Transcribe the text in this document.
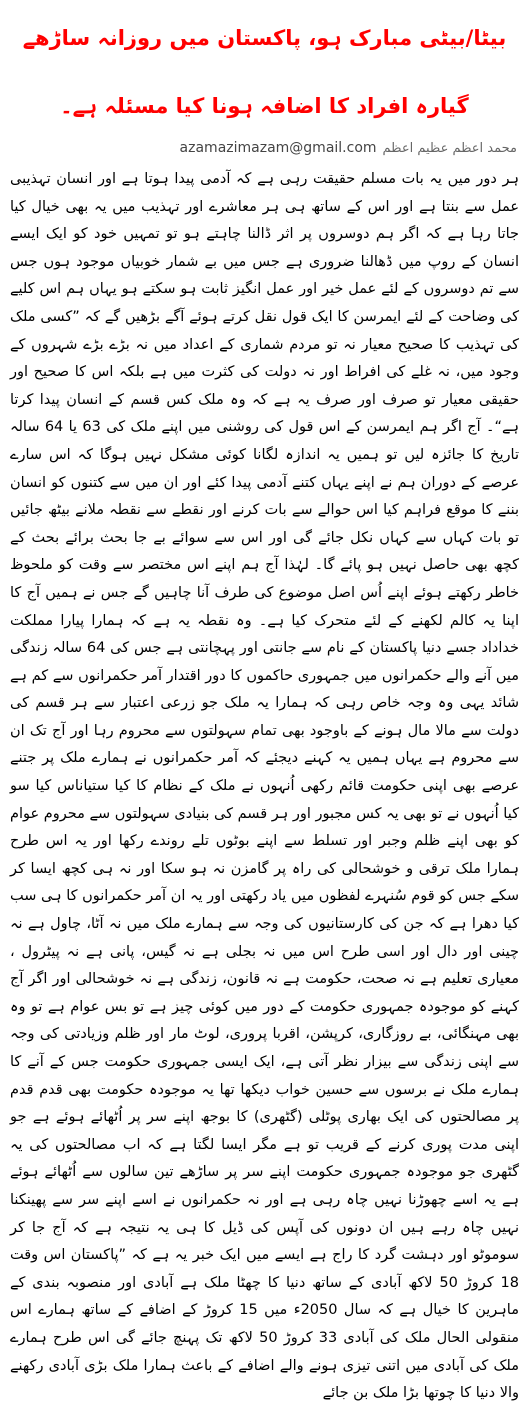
بیٹا/بیٹی مبارک ہو، پاکستان میں روزانہ ساڑھے گیارہ افراد کا اضافہ ہونا کیا مسئلہ ہے۔
azamazimazam@gmail.com محمد اعظم عظیم اعظم

ہر دور میں یہ بات مسلم حقیقت رہی ہے کہ آدمی پیدا ہوتا ہے اور انسان تہذیبی عمل سے بنتا ہے اور اس کے ساتھ ہی ہر معاشرے اور تہذیب میں یہ بھی خیال کیا جاتا رہا ہے کہ اگر ہم دوسروں پر اثر ڈالنا چاہتے ہو تو تمہیں خود کو ایک ایسے انسان کے روپ میں ڈھالنا ضروری ہے جس میں بے شمار خوبیاں موجود ہوں جس سے تم دوسروں کے لئے عمل خیر اور عمل انگیز ثابت ہو سکتے ہو یہاں ہم اس کلیے کی وضاحت کے لئے ایمرسن کا ایک قول نقل کرتے ہوئے آگے بڑھیں گے کہ ”کسی ملک کی تہذیب کا صحیح معیار نہ تو مردم شماری کے اعداد میں نہ بڑے بڑے شہروں کے وجود میں، نہ غلے کی افراط اور نہ دولت کی کثرت میں ہے بلکہ اس کا صحیح اور حقیقی معیار تو صرف اور صرف یہ ہے کہ وہ ملک کس قسم کے انسان پیدا کرتا ہے“۔ آج اگر ہم ایمرسن کے اس قول کی روشنی میں اپنے ملک کی 63 یا 64 سالہ تاریخ کا جائزہ لیں تو ہمیں یہ اندازہ لگانا کوئی مشکل نہیں ہوگا کہ اس سارے عرصے کے دوران ہم نے اپنے یہاں کتنے آدمی پیدا کئے اور ان میں سے کتنوں کو انسان بننے کا موقع فراہم کیا اس حوالے سے بات کرنے اور نقطے سے نقطہ ملانے بیٹھ جائیں تو بات کہاں سے کہاں نکل جائے گی اور اس سے سوائے بے جا بحث برائے بحث کے کچھ بھی حاصل نہیں ہو پائے گا۔ لہٰذا آج ہم اپنے اس مختصر سے وقت کو ملحوظ خاطر رکھتے ہوئے اپنے اُس اصل موضوع کی طرف آنا چاہیں گے جس نے ہمیں آج کا اپنا یہ کالم لکھنے کے لئے متحرک کیا ہے۔ وہ نقطہ یہ ہے کہ ہمارا پیارا مملکت خداداد جسے دنیا پاکستان کے نام سے جانتی اور پہچانتی ہے جس کی 64 سالہ زندگی میں آنے والے حکمرانوں میں جمہوری حاکموں کا دور اقتدار آمر حکمرانوں سے کم ہے شائد یہی وہ وجہ خاص رہی کہ ہمارا یہ ملک جو زرعی اعتبار سے ہر قسم کی دولت سے مالا مال ہونے کے باوجود بھی تمام سہولتوں سے محروم رہا اور آج تک ان سے محروم ہے یہاں ہمیں یہ کہنے دیجئے کہ آمر حکمرانوں نے ہمارے ملک پر جتنے عرصے بھی اپنی حکومت قائم رکھی اُنہوں نے ملک کے نظام کا کیا ستیاناس کیا سو کیا اُنہوں نے تو بھی یہ کس مجبور اور ہر قسم کی بنیادی سہولتوں سے محروم عوام کو بھی اپنے ظلم وجبر اور تسلط سے اپنے بوٹوں تلے روندے رکھا اور یہ اس طرح ہمارا ملک ترقی و خوشحالی کی راہ پر گامزن نہ ہو سکا اور نہ ہی کچھ ایسا کر سکے جس کو قوم سُنہرے لفظوں میں یاد رکھتی اور یہ ان آمر حکمرانوں کا ہی سب کیا دھرا ہے کہ جن کی کارستانیوں کی وجہ سے ہمارے ملک میں نہ آٹا، چاول ہے نہ چینی اور دال اور اسی طرح اس میں نہ بجلی ہے نہ گیس، پانی ہے نہ پیٹرول ، معیاری تعلیم ہے نہ صحت، حکومت ہے نہ قانون، زندگی ہے نہ خوشحالی اور اگر آج کہنے کو موجودہ جمہوری حکومت کے دور میں کوئی چیز ہے تو بس عوام ہے تو وہ بھی مہنگائی، بے روزگاری، کرپشن، اقربا پروری، لوٹ مار اور ظلم وزیادتی کی وجہ سے اپنی زندگی سے بیزار نظر آتی ہے، ایک ایسی جمہوری حکومت جس کے آنے کا ہمارے ملک نے برسوں سے حسین خواب دیکھا تھا یہ موجودہ حکومت بھی قدم قدم پر مصالحتوں کی ایک بھاری پوٹلی (گٹھری) کا بوجھ اپنے سر پر اُٹھائے ہوئے ہے جو اپنی مدت پوری کرنے کے قریب تو ہے مگر ایسا لگتا ہے کہ اب مصالحتوں کی یہ گٹھری جو موجودہ جمہوری حکومت اپنے سر پر ساڑھے تین سالوں سے اُٹھائے ہوئے ہے یہ اسے چھوڑنا نہیں چاہ رہی ہے اور نہ حکمرانوں نے اسے اپنے سر سے پھینکنا نہیں چاہ رہے ہیں ان دونوں کی آپس کی ڈیل کا ہی یہ نتیجہ ہے کہ آج جا کر سوموٹو اور دہشت گرد کا راج ہے ایسے میں ایک خبر یہ ہے کہ ”پاکستان اس وقت 18 کروڑ 50 لاکھ آبادی کے ساتھ دنیا کا چھٹا ملک ہے آبادی اور منصوبہ بندی کے ماہرین کا خیال ہے کہ سال 2050ء میں 15 کروڑ کے اضافے کے ساتھ ہمارے اس منقولی الحال ملک کی آبادی 33 کروڑ 50 لاکھ تک پہنچ جائے گی اس طرح ہمارے ملک کی آبادی میں اتنی تیزی ہونے والے اضافے کے باعث ہمارا ملک بڑی آبادی رکھنے والا دنیا کا چوتھا بڑا ملک بن جائے
